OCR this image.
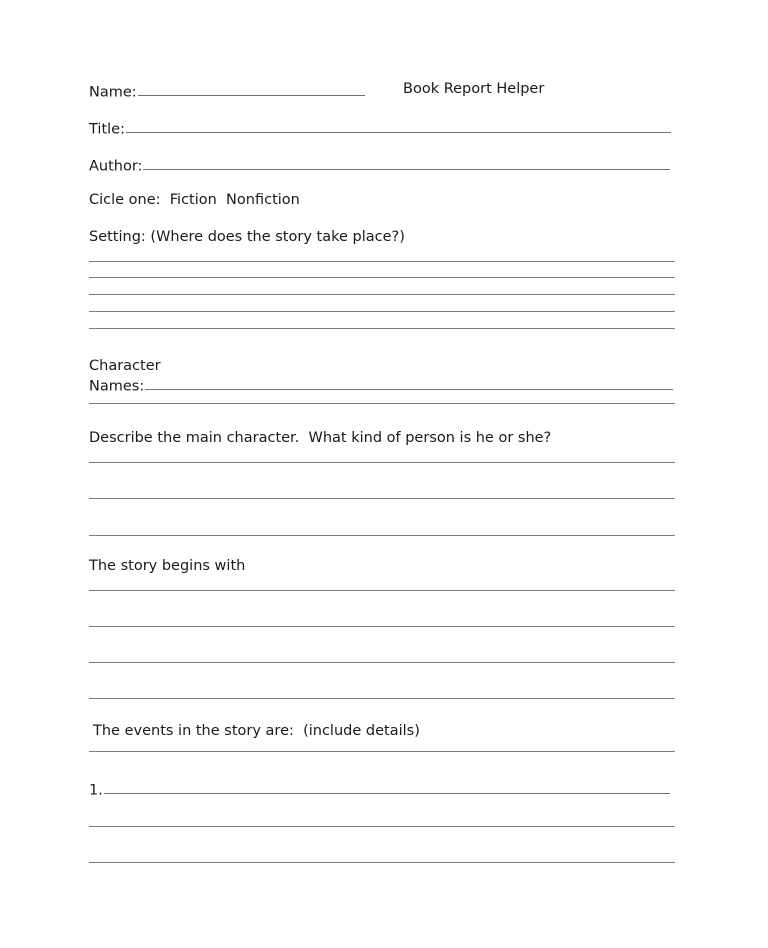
Name:	Book Report Helper
Title:
Author:
Cicle one:  Fiction  Nonfiction
Setting: (Where does the story take place?)
Character
Names:
Describe the main character.  What kind of person is he or she?
The story begins with
The events in the story are:  (include details)
1.
